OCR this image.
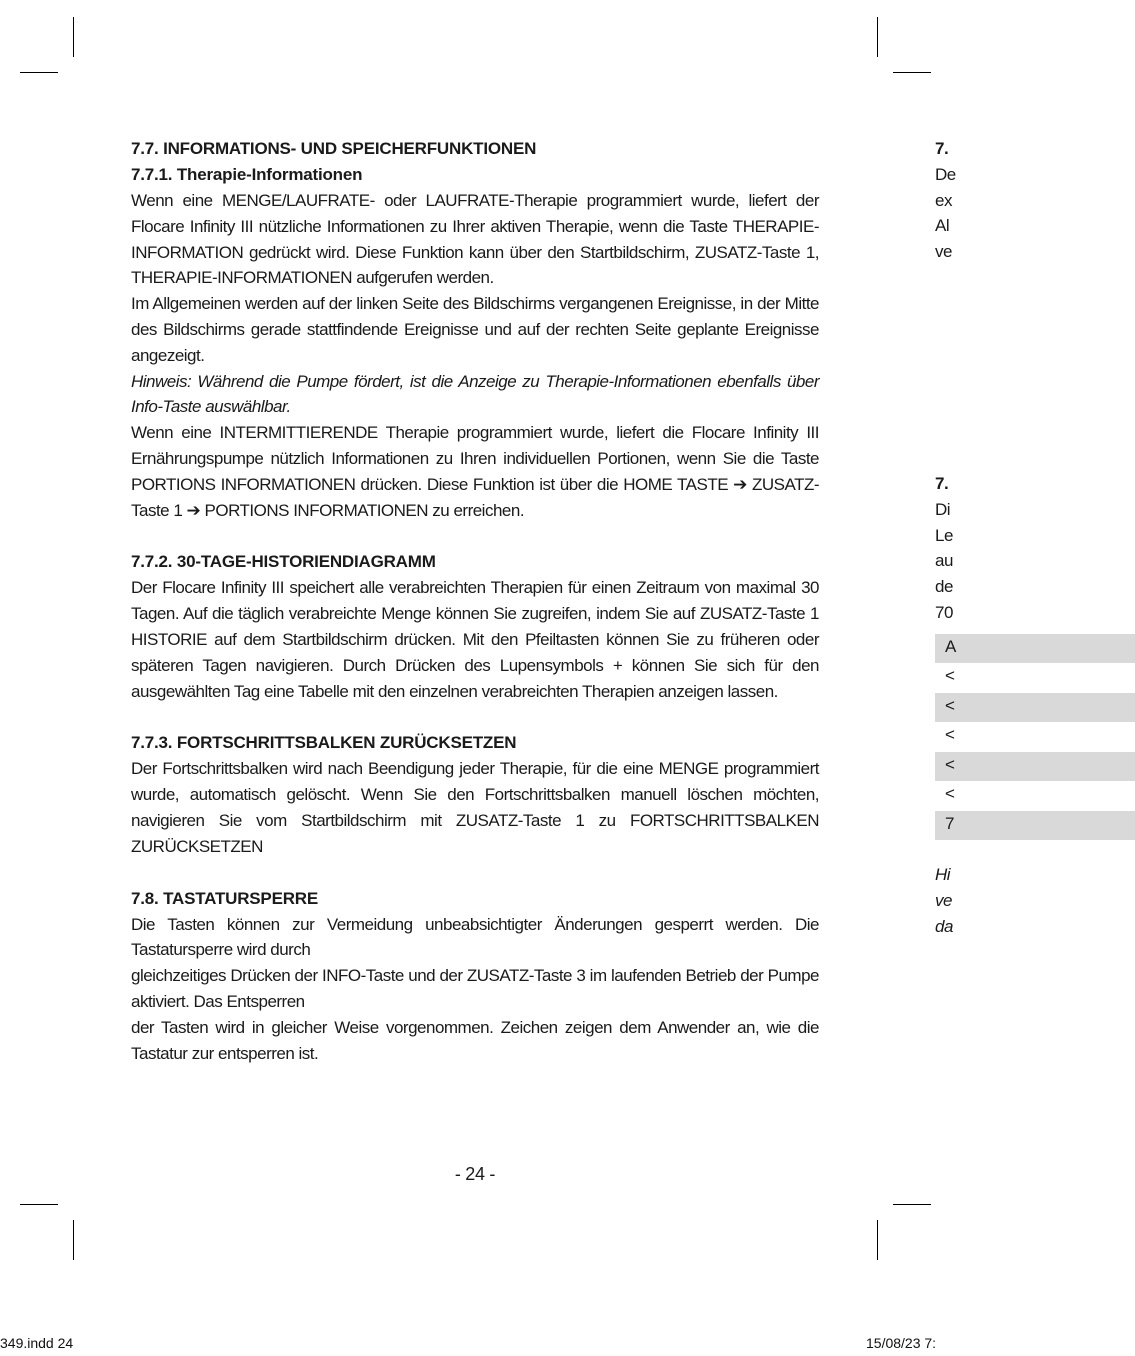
7.7. INFORMATIONS- UND SPEICHERFUNKTIONEN
7.7.1. Therapie-Informationen

Wenn eine MENGE/LAUFRATE- oder LAUFRATE-Therapie programmiert wurde, liefert der Flocare Infinity III nützliche Informationen zu Ihrer aktiven Therapie, wenn die Taste THERAPIE-INFORMATION gedrückt wird. Diese Funktion kann über den Startbildschirm, ZUSATZ-Taste 1, THERAPIE-INFORMATIONEN aufgerufen werden.

Im Allgemeinen werden auf der linken Seite des Bildschirms vergangenen Ereignisse, in der Mitte des Bildschirms gerade stattfindende Ereignisse und auf der rechten Seite geplante Ereignisse angezeigt.

Hinweis: Während die Pumpe fördert, ist die Anzeige zu Therapie-Informationen ebenfalls über Info-Taste auswählbar.

Wenn eine INTERMITTIERENDE Therapie programmiert wurde, liefert die Flocare Infinity III Ernährungspumpe nützlich Informationen zu Ihren individuellen Portionen, wenn Sie die Taste PORTIONS INFORMATIONEN drücken. Diese Funktion ist über die HOME TASTE ➔ ZUSATZ-Taste 1 ➔ PORTIONS INFORMATIONEN zu erreichen.

7.7.2. 30-TAGE-HISTORIENDIAGRAMM

Der Flocare Infinity III speichert alle verabreichten Therapien für einen Zeitraum von maximal 30 Tagen. Auf die täglich verabreichte Menge können Sie zugreifen, indem Sie auf ZUSATZ-Taste 1 HISTORIE auf dem Startbildschirm drücken. Mit den Pfeiltasten können Sie zu früheren oder späteren Tagen navigieren. Durch Drücken des Lupensymbols + können Sie sich für den ausgewählten Tag eine Tabelle mit den einzelnen verabreichten Therapien anzeigen lassen.

7.7.3. FORTSCHRITTSBALKEN ZURÜCKSETZEN

Der Fortschrittsbalken wird nach Beendigung jeder Therapie, für die eine MENGE programmiert wurde, automatisch gelöscht. Wenn Sie den Fortschrittsbalken manuell löschen möchten, navigieren Sie vom Startbildschirm mit ZUSATZ-Taste 1 zu FORTSCHRITTSBALKEN ZURÜCKSETZEN

7.8. TASTATURSPERRE

Die Tasten können zur Vermeidung unbeabsichtigter Änderungen gesperrt werden. Die Tastatursperre wird durch

gleichzeitiges Drücken der INFO-Taste und der ZUSATZ-Taste 3 im laufenden Betrieb der Pumpe aktiviert. Das Entsperren

der Tasten wird in gleicher Weise vorgenommen. Zeichen zeigen dem Anwender an, wie die Tastatur zur entsperren ist.

- 24 -
349.indd 24	15/08/23 7:
7.
De
ex
Al
ve
7.
Di
Le
au
de
70
A
<
<
<
<
<
7
Hi
ve
da
